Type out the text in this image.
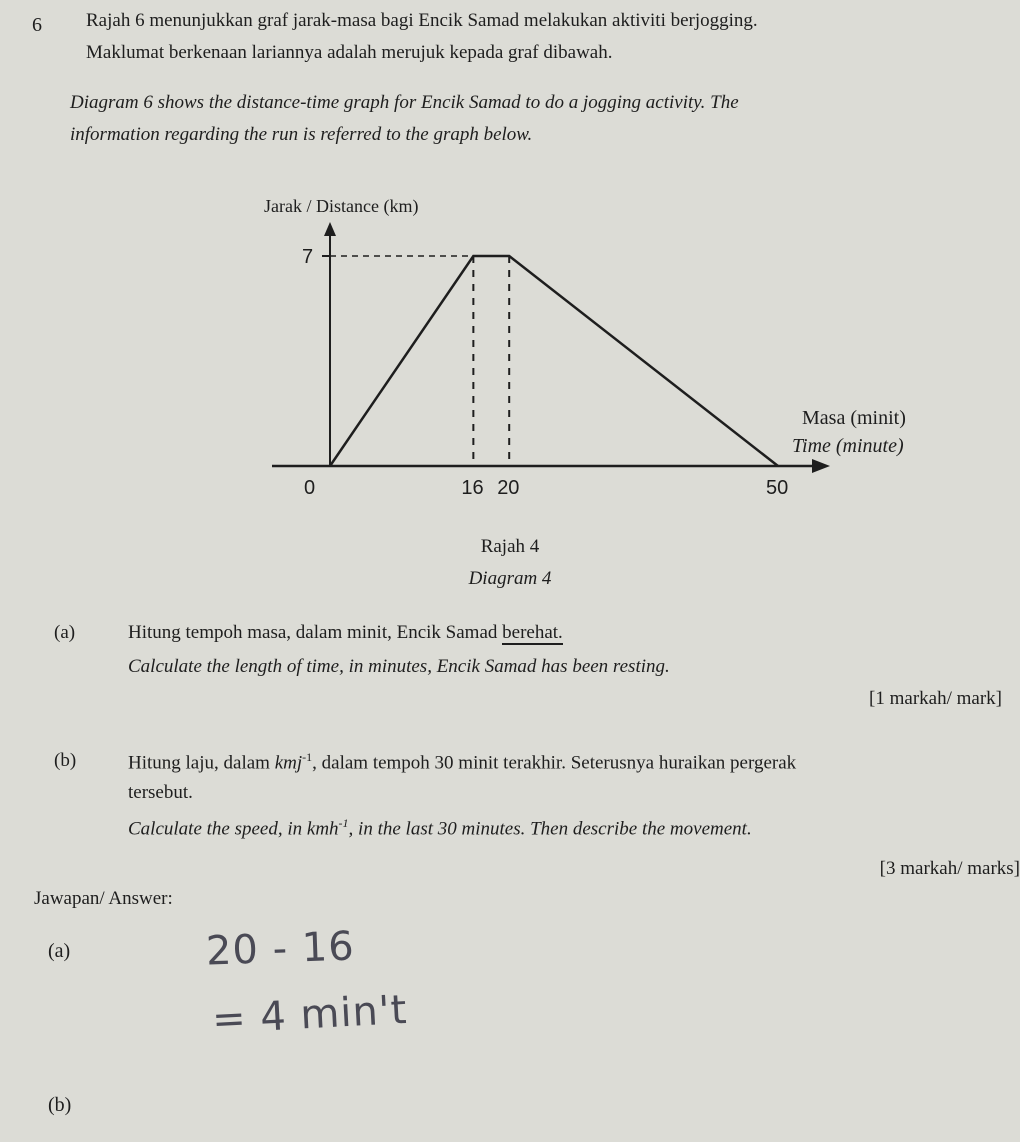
6 Rajah 6 menunjukkan graf jarak-masa bagi Encik Samad melakukan aktiviti berjogging.
Maklumat berkenaan lariannya adalah merujuk kepada graf dibawah.
Diagram 6 shows the distance-time graph for Encik Samad to do a jogging activity. The
information regarding the run is referred to the graph below.
Jarak / Distance (km)
16 20	50
7
Masa (minit)
Time (minute)
0
Rajah 4
Diagram 4
(a)	Hitung tempoh masa, dalam minit, Encik Samad berehat.
Calculate the length of time, in minutes, Encik Samad has been resting.
[1 markah/ mark]
(b)	Hitung laju, dalam kmj$^{-1}$, dalam tempoh 30 minit terakhir. Seterusnya huraikan pergerak
tersebut.
Calculate the speed, in kmh$^{-1}$, in the last 30 minutes. Then describe the movement.
[3 markah/ marks]
Jawapan/ Answer:
(a)	20 - 16
= 4 min't
(b)
